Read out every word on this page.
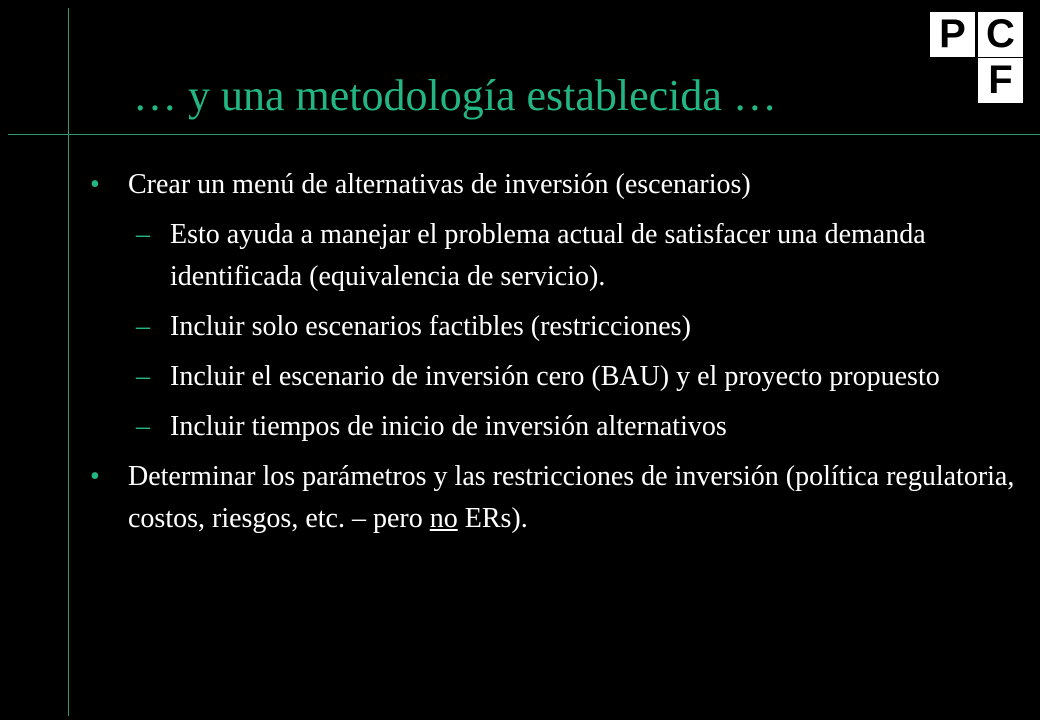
… y una metodología establecida …
P C
F
• Crear un menú de alternativas de inversión (escenarios)
– Esto ayuda a manejar el problema actual de satisfacer una demanda identificada (equivalencia de servicio).
– Incluir solo escenarios factibles (restricciones)
– Incluir el escenario de inversión cero (BAU) y el proyecto propuesto
– Incluir tiempos de inicio de inversión alternativos
• Determinar los parámetros y las restricciones de inversión (política regulatoria, costos, riesgos, etc. – pero no ERs).
